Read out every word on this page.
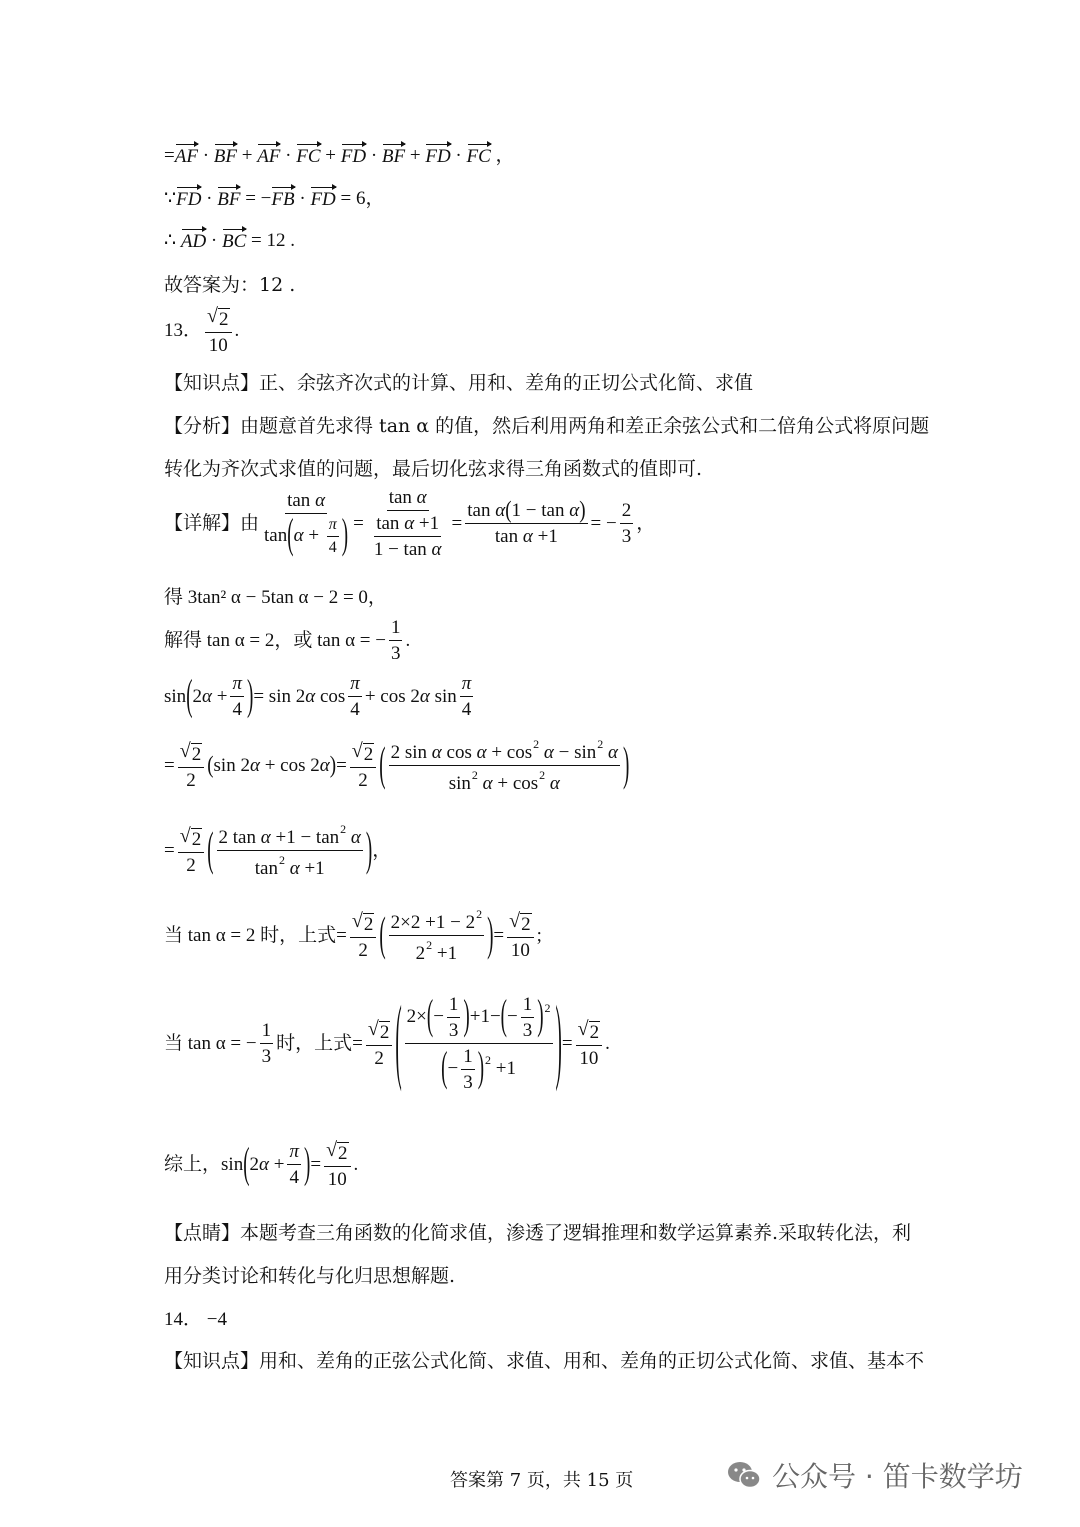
= AF · BF + AF · FC + FD · BF + FD · FC ，
∵ FD · BF = − FB · FD
= 6，
∴
AD · BC
= 12 .
故答案为：12 .
13． $\frac{√ 2}{10}$ .
【知识点】正、余弦齐次式的计算、用和、差角的正切公式化简、求值
【分析】由题意首先求得 tan α 的值，然后利用两角和差正余弦公式和二倍角公式将原问题
转化为齐次式求值的问题，最后切化弦求得三角函数式的值即可.
【详解】 由 $\frac{\text{tan α}}{\tan(\alpha + \frac{\pi}{4} )} = \frac{\text{tan α}}{\frac{\text{tan α +1}}{\text{1 − tan α}}} = \frac{\text{tan α(1 − tan α)}}{\text{tan α +1}}$ = − $\frac{2}{3}$ ，
得 3tan² α − 5tan α − 2 = 0，
解得 tan α = 2，或 tan α = − $\frac{1}{3}$ .
sin ( $2\alpha + \frac{\pi}{4}$ ) = sin 2α $\cos \frac{\pi}{4} + \cos 2\alpha$ $\sin \frac{\pi}{4}$
= $\frac{√ 2}{2}$ ( sin 2α + cos 2α ) = $\frac{√ 2}{2}$ ( $\frac{2 \sin \alpha \cos \alpha + \cos^2 \alpha - \sin^2 \alpha}{\sin^2 \alpha + \cos^2 \alpha}$ )
= $\frac{√ 2}{2}$ ( $\frac{2 \tan \alpha +1 - \tan^2 \alpha}{\tan^2 \alpha +1}$ ) ，
当 tan α = 2 时，上式= $\frac{√ 2}{2}$ ( $\frac{2\times 2 +1 - 2^2}{2^2 +1}$ ) = $\frac{√ 2}{10}$ ;
当 tan α = − $\frac{1}{3}$ 时，上式= $\frac{√ 2}{2}$ ( $\frac{2\times(- \frac{1}{3} )+1-(- \frac{1}{3} )^2}{(- \frac{1}{3} )^2 +1}$ ) = $\frac{√ 2}{10}$ .
综上， sin ( $2\alpha + \frac{\pi}{4}$ ) = $\frac{√ 2}{10}$ .
【点睛】本题考查三角函数的化简求值，渗透了逻辑推理和数学运算素养.采取转化法，利
用分类讨论和转化与化归思想解题.
14． −4
【知识点】用和、差角的正弦公式化简、求值、用和、差角的正切公式化简、求值、基本不
答案第 7 页，共 15 页	公众号 · 笛卡数学坊
